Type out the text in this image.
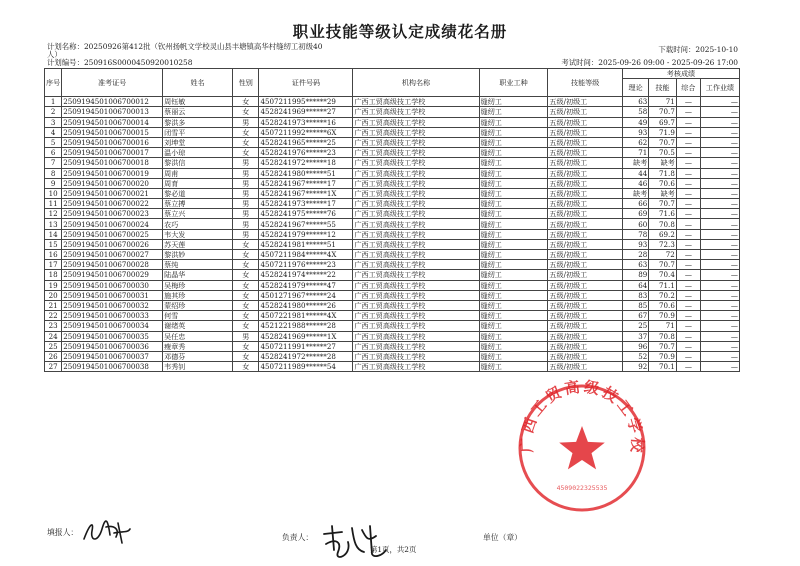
职业技能等级认定成绩花名册
计划名称：20250926第412批（钦州扬帆文学校灵山县丰塘镇高华村缝纫工初级40
人）
下载时间：2025-10-10
计划编号：250916S000045092001025​8	考试时间：2025-09-26 09:00 - 2025-09-26 17:00
序号	准考证号	姓名	性别	证件号码	机构名称	职业工种	技能等级	考核成绩			
								理论	技能	综合	工作业绩

1	250919450100670001​2	周钰敏	女	4507211995******29	广西工贸高级技工学校	缝纫工	五级/初级工	63	71	—	—
2	2509194501006700013	蔡丽云	女	4528241969******27	广西工贸高级技工学校	缝纫工	五级/初级工	58	70.7	—	—
3	2509194501006700014	黎洪多	男	4528241973******16	广西工贸高级技工学校	缝纫工	五级/初级工	49	69.7	—	—
4	2509194501006700015	闭雪平	女	4507211992******6X	广西工贸高级技工学校	缝纫工	五级/初级工	93	71.9	—	—
5	2509194501006700016	刘坤堂	女	4528241965******25	广西工贸高级技工学校	缝纫工	五级/初级工	62	70.7	—	—
6	2509194501006700017	温小琼	女	4528241976******23	广西工贸高级技工学校	缝纫工	五级/初级工	71	70.5	—	—
7	2509194501006700018	黎洪信	男	4528241972******18	广西工贸高级技工学校	缝纫工	五级/初级工	缺考	缺考	—	—
8	2509194501006700019	周甫	男	4528241980******51	广西工贸高级技工学校	缝纫工	五级/初级工	44	71.8	—	—
9	2509194501006700020	周育	男	4528241967******17	广西工贸高级技工学校	缝纫工	五级/初级工	46	70.6	—	—
10	2509194501006700021	黎必道	男	4528241967******1X	广西工贸高级技工学校	缝纫工	五级/初级工	缺考	缺考	—	—
11	2509194501006700022	蔡立搏	男	4528241973******17	广西工贸高级技工学校	缝纫工	五级/初级工	66	70.7	—	—
12	2509194501006700023	蔡立兴	男	4528241975******76	广西工贸高级技工学校	缝纫工	五级/初级工	69	71.6	—	—
13	2509194501006700024	农巧	男	4528241967******55	广西工贸高级技工学校	缝纫工	五级/初级工	60	70.8	—	—
14	2509194501006700025	韦大发	男	4528241979******12	广西工贸高级技工学校	缝纫工	五级/初级工	78	69.2	—	—
15	2509194501006700026	苏天莲	女	4528241981******51	广西工贸高级技工学校	缝纫工	五级/初级工	93	72.3	—	—
16	2509194501006700027	黎洪妙	女	4507211984******4X	广西工贸高级技工学校	缝纫工	五级/初级工	28	72	—	—
17	2509194501006700028	蔡纯	女	4507211976******23	广西工贸高级技工学校	缝纫工	五级/初级工	63	70.7	—	—
18	2509194501006700029	陆晶华	女	4528241974******22	广西工贸高级技工学校	缝纫工	五级/初级工	89	70.4	—	—
19	2509194501006700030	吴梅珍	女	4528241979******47	广西工贸高级技工学校	缝纫工	五级/初级工	64	71.1	—	—
20	2509194501006700031	施其珍	女	4501271967******24	广西工贸高级技工学校	缝纫工	五级/初级工	83	70.2	—	—
21	2509194501006700032	蒙绍珍	女	4528241980******26	广西工贸高级技工学校	缝纫工	五级/初级工	85	70.6	—	—
22	2509194501006700033	何雪	女	4507221981******4X	广西工贸高级技工学校	缝纫工	五级/初级工	67	70.9	—	—
23	2509194501006700034	谢绪英	女	4521221988******28	广西工贸高级技工学校	缝纫工	五级/初级工	25	71	—	—
24	2509194501006700035	吴任忠	男	4528241969******1X	广西工贸高级技工学校	缝纫工	五级/初级工	37	70.8	—	—
25	2509194501006700036	瘦章秀	女	4507211991******27	广西工贸高级技工学校	缝纫工	五级/初级工	96	70.7	—	—
26	2509194501006700037	邓德芬	女	4528241972******28	广西工贸高级技工学校	缝纫工	五级/初级工	52	70.9	—	—
27	2509194501006700038	韦秀钊	女	4507211989******54	广西工贸高级技工学校	缝纫工	五级/初级工	92	70.1	—	—
填报人：
负责人：
第1页，共2页
单位（章）
广西工贸高级技工学校
4509022325535
